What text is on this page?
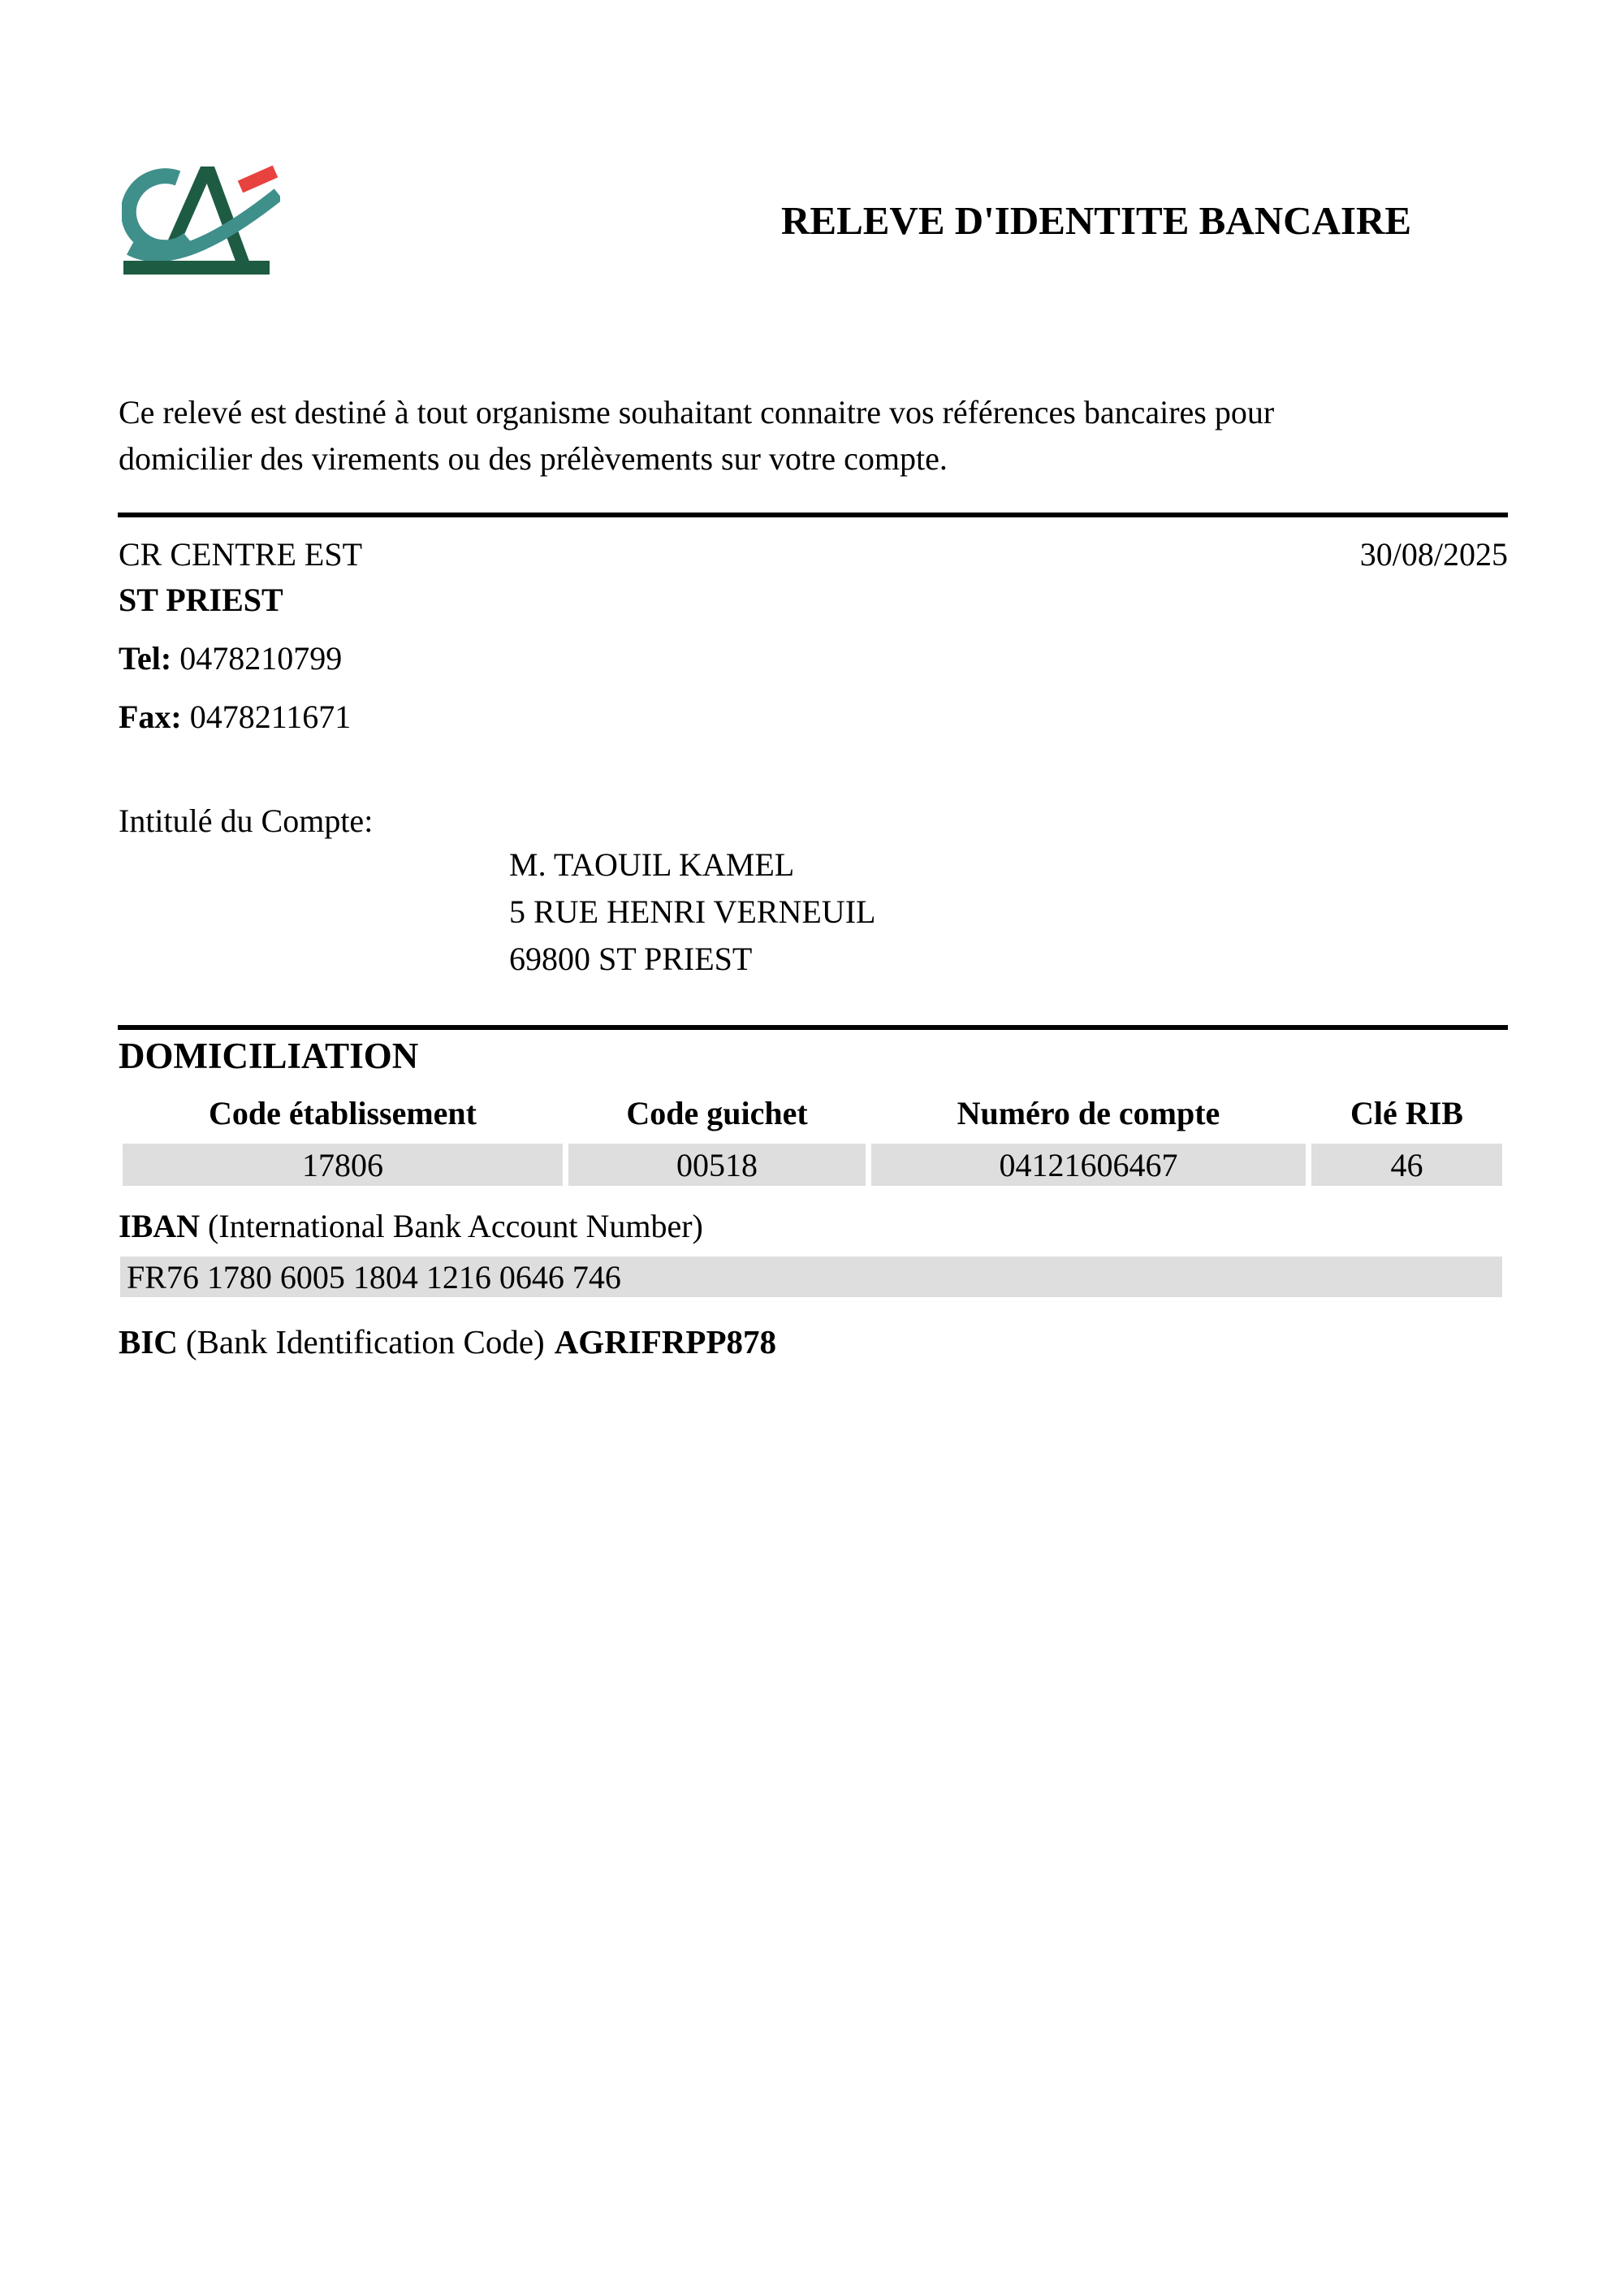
RELEVE D'IDENTITE BANCAIRE
Ce relevé est destiné à tout organisme souhaitant connaitre vos références bancaires pour
domicilier des virements ou des prélèvements sur votre compte.
CR CENTRE EST	30/08/2025
ST PRIEST
Tel: 0478210799
Fax: 0478211671
Intitulé du Compte:
M. TAOUIL KAMEL
5 RUE HENRI VERNEUIL
69800 ST PRIEST
DOMICILIATION
Code établissement	Code guichet	Numéro de compte	Clé RIB
17806	00518	04121606467	46
IBAN (International Bank Account Number)
FR76 1780 6005 1804 1216 0646 746
BIC (Bank Identification Code) AGRIFRPP878
